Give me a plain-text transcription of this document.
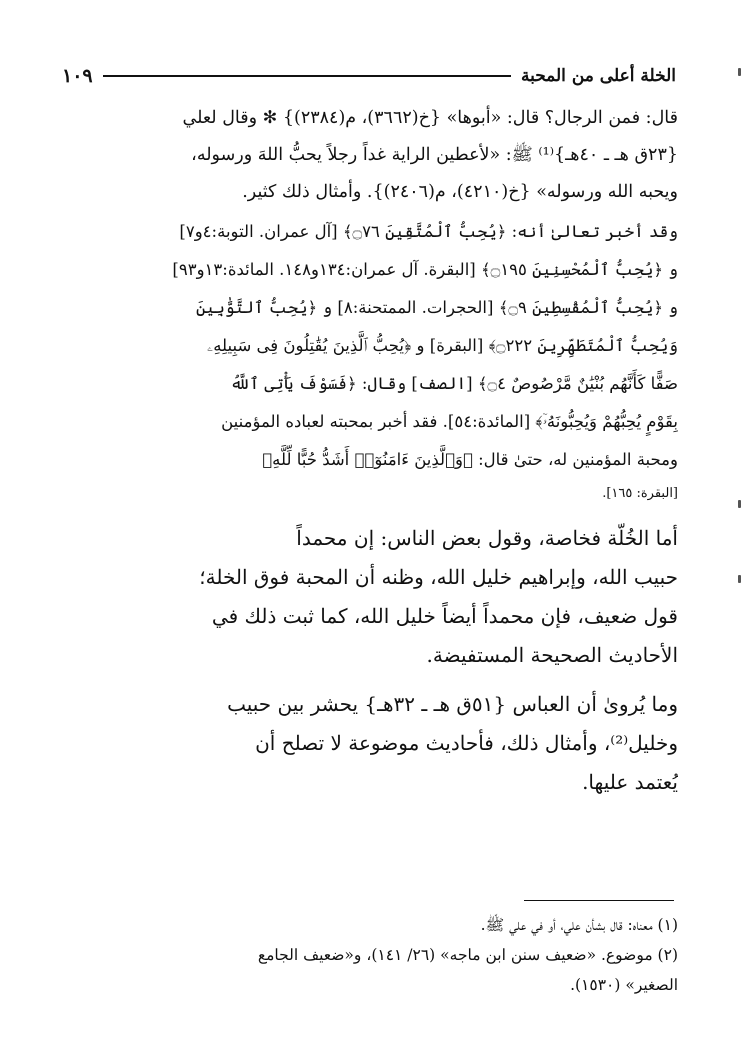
الخلة أعلى من المحبة
١٠٩
قال: فمن الرجال؟ قال: «أبوها» {خ(٣٦٦٢)، م(٢٣٨٤)} ✻ وقال لعلي
{٢٣ق هـ ـ ٤٠هـ}⁽¹⁾ ﷺ: «لأعطين الراية غداً رجلاً يحبُّ اللهَ ورسوله،
ويحبه الله ورسوله» {خ(٤٢١٠)، م(٢٤٠٦)}. وأمثال ذلك كثير.
وقد أخبر تعالىٰ أنه: ﴿يُحِبُّ ٱلْمُتَّقِينَ ۝٧٦﴾ [آل عمران. التوبة:٤و٧]
و ﴿يُحِبُّ ٱلْمُحْسِنِينَ ۝١٩٥﴾ [البقرة. آل عمران:١٣٤و١٤٨. المائدة:١٣و٩٣]
و ﴿يُحِبُّ ٱلْمُقْسِطِينَ ۝٩﴾ [الحجرات. الممتحنة:٨] و ﴿يُحِبُّ ٱلتَّوَّٰبِينَ
وَيُحِبُّ ٱلْمُتَطَهِّرِينَ ۝٢٢٢﴾ [البقرة] و ﴿يُحِبُّ ٱلَّذِينَ يُقَٰتِلُونَ فِى سَبِيلِهِۦ
صَفًّا كَأَنَّهُم بُنْيَٰنٌ مَّرْصُوصٌ ۝٤﴾ [الصف] وقال: ﴿فَسَوْفَ يَأْتِى ٱللَّهُ
بِقَوْمٍ يُحِبُّهُمْ وَيُحِبُّونَهُۥٓ﴾ [المائدة:٥٤]. فقد أخبر بمحبته لعباده المؤمنين
ومحبة المؤمنين له، حتىٰ قال: ﴿وَٱلَّذِينَ ءَامَنُوٓا۟ أَشَدُّ حُبًّا لِّلَّهِ﴾
[البقرة: ١٦٥].
أما الخُلّة فخاصة، وقول بعض الناس: إن محمداً
حبيب الله، وإبراهيم خليل الله، وظنه أن المحبة فوق الخلة؛
قول ضعيف، فإن محمداً أيضاً خليل الله، كما ثبت ذلك في
الأحاديث الصحيحة المستفيضة.
وما يُروىٰ أن العباس {٥١ق هـ ـ ٣٢هـ} يحشر بين حبيب
وخليل⁽²⁾، وأمثال ذلك، فأحاديث موضوعة لا تصلح أن
يُعتمد عليها.
(١) معناه: قال بشأن علي، أو في علي ﷺ.
(٢) موضوع. «ضعيف سنن ابن ماجه» (٢٦/ ١٤١)، و«ضعيف الجامع
الصغير» (١٥٣٠).
